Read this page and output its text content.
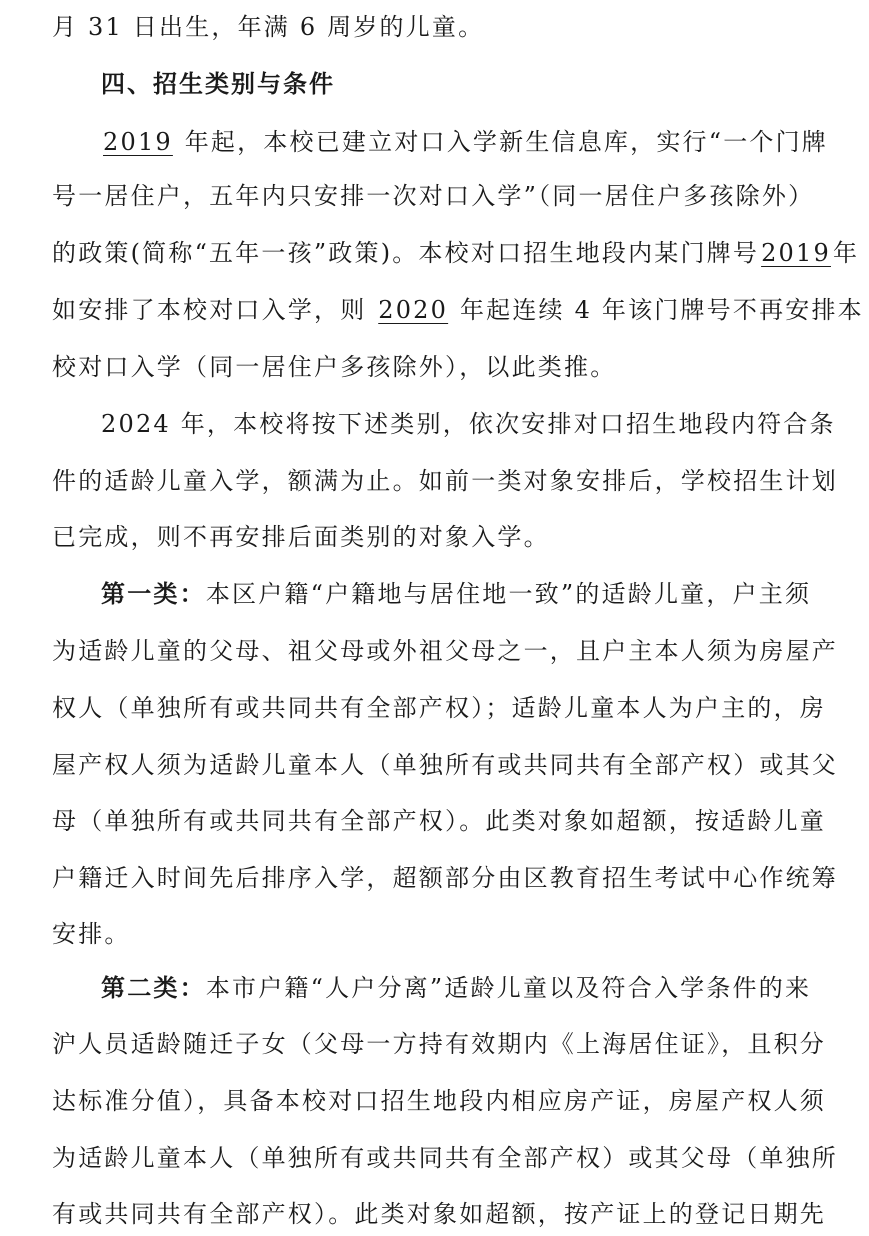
月 31 日出生，年满 6 周岁的儿童。
四、招生类别与条件
2019 年起，本校已建立对口入学新生信息库，实行“一个门牌
号一居住户，五年内只安排一次对口入学”（同一居住户多孩除外）
的政策(简称“五年一孩”政策)。本校对口招生地段内某门牌号2019年
如安排了本校对口入学，则 2020 年起连续 4 年该门牌号不再安排本
校对口入学（同一居住户多孩除外），以此类推。
2024 年，本校将按下述类别，依次安排对口招生地段内符合条
件的适龄儿童入学，额满为止。如前一类对象安排后，学校招生计划
已完成，则不再安排后面类别的对象入学。
第一类：本区户籍“户籍地与居住地一致”的适龄儿童，户主须
为适龄儿童的父母、祖父母或外祖父母之一，且户主本人须为房屋产
权人（单独所有或共同共有全部产权）；适龄儿童本人为户主的，房
屋产权人须为适龄儿童本人（单独所有或共同共有全部产权）或其父
母（单独所有或共同共有全部产权）。此类对象如超额，按适龄儿童
户籍迁入时间先后排序入学，超额部分由区教育招生考试中心作统筹
安排。
第二类：本市户籍“人户分离”适龄儿童以及符合入学条件的来
沪人员适龄随迁子女（父母一方持有效期内《上海居住证》，且积分
达标准分值），具备本校对口招生地段内相应房产证，房屋产权人须
为适龄儿童本人（单独所有或共同共有全部产权）或其父母（单独所
有或共同共有全部产权）。此类对象如超额，按产证上的登记日期先
